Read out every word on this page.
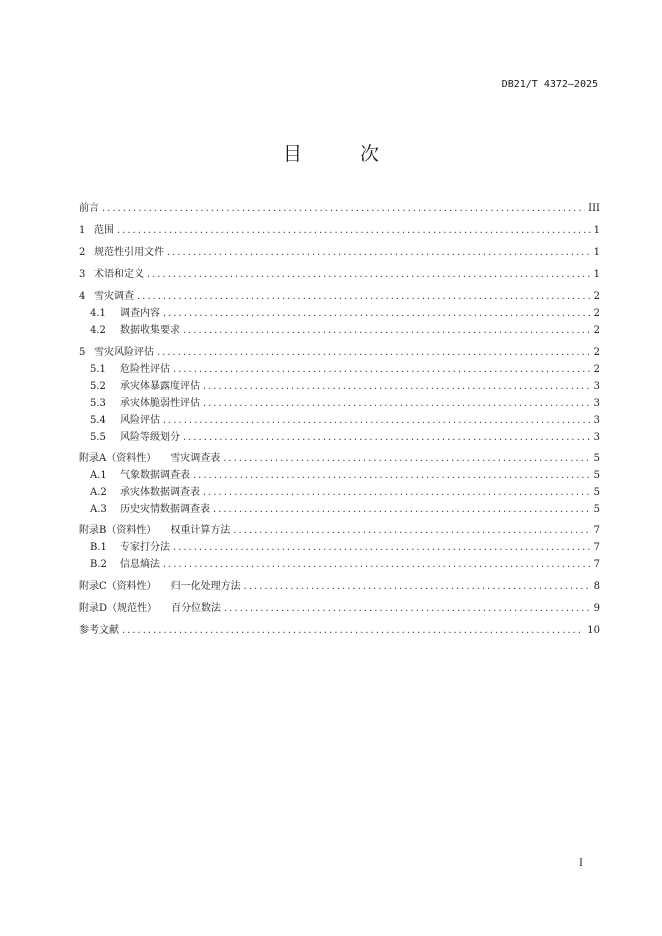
DB21/T 4372—2025
目 次
前言 .....	III
1 范围 .....	1
2 规范性引用文件 .....	1
3 术语和定义 .....	1
4 雪灾调查 .....	2
4.1	调查内容 .....	2
4.2	数据收集要求 .....	2
5 雪灾风险评估 .....	2
5.1	危险性评估 .....	2
5.2	承灾体暴露度评估 .....	3
5.3	承灾体脆弱性评估 .....	3
5.4	风险评估 .....	3
5.5	风险等级划分 .....	3
附录A（资料性） 雪灾调查表 .....	5
A.1	气象数据调查表 .....	5
A.2	承灾体数据调查表 .....	5
A.3	历史灾情数据调查表 .....	5
附录B（资料性） 权重计算方法 .....	7
B.1	专家打分法 .....	7
B.2	信息熵法 .....	7
附录C（资料性） 归一化处理方法 .....	8
附录D（规范性） 百分位数法 .....	9
参考文献 .....	10
I
